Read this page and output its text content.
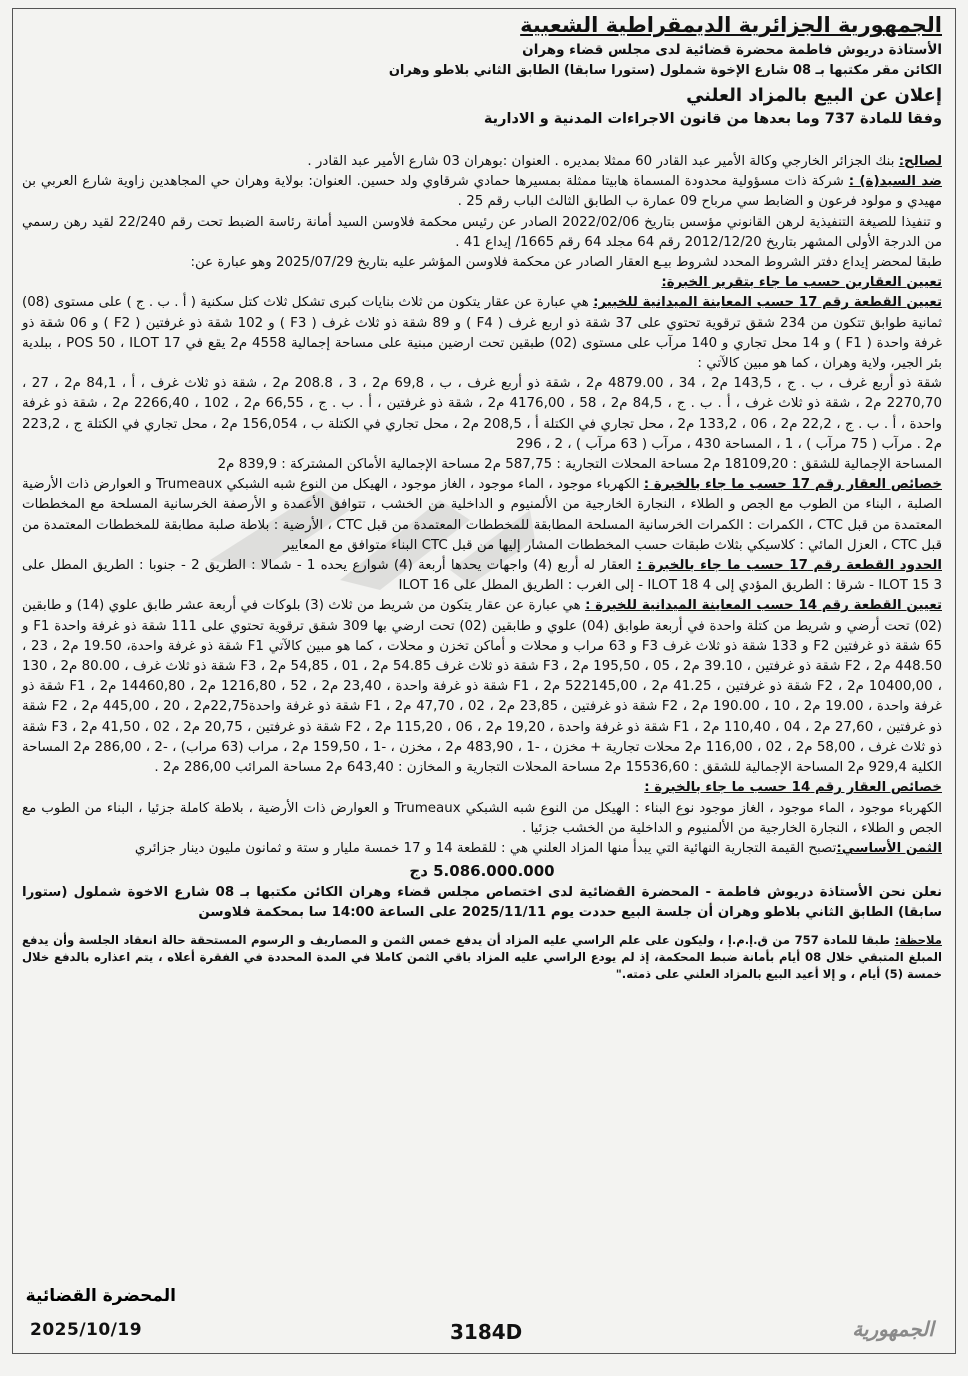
الجمهورية الجزائرية الديمقراطية الشعبية

الأستاذة دريوش فاطمة محضرة قضائية لدى مجلس قضاء وهران

الكائن مقر مكتبها بـ 08 شارع الإخوة شملول (ستورا سابقا) الطابق الثاني بلاطو وهران

إعلان عن البيع بالمزاد العلني

وفقا للمادة 737 وما بعدها من قانون الاجراءات المدنية و الادارية

لصالح: بنك الجزائر الخارجي وكالة الأمير عبد القادر 60 ممثلا بمديره . العنوان :بوهران 03 شارع الأمير عبد القادر .

ضد السيد(ة) : شركة ذات مسؤولية محدودة المسماة هابيتا ممثلة بمسيرها حمادي شرقاوي ولد حسين. العنوان: بولاية وهران حي المجاهدين زاوية شارع العربي بن مهيدي و مولود فرعون و الضابط سي مرباح 09 عمارة ب الطابق الثالث الباب رقم 25 .

و تنفيذا للصيغة التنفيذية لرهن القانوني مؤسس بتاريخ 2022/02/06 الصادر عن رئيس محكمة فلاوسن السيد أمانة رئاسة الضبط تحت رقم 22/240 لقيد رهن رسمي من الدرجة الأولى المشهر بتاريخ 2012/12/20 رقم 64 مجلد 64 رقم 1665/ إيداع 41 .

طبقا لمحضر إيداع دفتر الشروط المحدد لشروط بيـع العقار الصادر عن محكمة فلاوسن المؤشر عليه بتاريخ 2025/07/29 وهو عبارة عن:

تعيين العقارين حسب ما جاء بتقرير الخبرة:

تعيين القطعة رقم 17 حسب المعاينة الميدانية للخبير: هي عبارة عن عقار يتكون من ثلاث بنايات كبرى تشكل ثلاث كتل سكنية ( أ . ب . ج ) على مستوى (08) ثمانية طوابق تتكون من 234 شقق ترقوية تحتوي على 37 شقة ذو اربع غرف ( F4 ) و 89 شقة ذو ثلاث غرف ( F3 ) و 102 شقة ذو غرفتين ( F2 ) و 06 شقة ذو غرفة واحدة ( F1 ) و 14 محل تجاري و 140 مرآب على مستوى (02) طبقين تحت ارضين مبنية على مساحة إجمالية 4558 م2 يقع في POS 50 ، ILOT 17 ، ببلدية بئر الجير، ولاية وهران ، كما هو مبين كالآتي :

شقة ذو أربع غرف ، ب . ج ، 143,5 م2 ، 34 ، 4879.00 م2 ، شقة ذو أربع غرف ، ب ، 69,8 م2 ، 3 ، 208.8 م2 ، شقة ذو ثلاث غرف ، أ ، 84,1 م2 ، 27 ، 2270,70 م2 ، شقة ذو ثلاث غرف ، أ . ب . ج ، 84,5 م2 ، 58 ، 4176,00 م2 ، شقة ذو غرفتين ، أ . ب . ج ، 66,55 م2 ، 102 ، 2266,40 م2 ، شقة ذو غرفة واحدة ، أ . ب . ج ، 22,2 م2 ، 06 ، 133,2 م2 ، محل تجاري في الكتلة أ ، 208,5 م2 ، محل تجاري في الكتلة ب ، 156,054 م2 ، محل تجاري في الكتلة ج ، 223,2 م2 . مرآب ( 75 مرآب ) ، 1 ، المساحة 430 ، مرآب ( 63 مرآب ) ، 2 ، 296

المساحة الإجمالية للشقق : 18109,20 م2 مساحة المحلات التجارية : 587,75 م2 مساحة الإجمالية الأماكن المشتركة : 839,9 م2

خصائص العقار رقم 17 حسب ما جاء بالخبرة : الكهرباء موجود ، الماء موجود ، الغاز موجود ، الهيكل من النوع شبه الشبكي Trumeaux و العوارض ذات الأرضية الصلبة ، البناء من الطوب مع الجص و الطلاء ، النجارة الخارجية من الألمنيوم و الداخلية من الخشب ، تتوافق الأعمدة و الأرصفة الخرسانية المسلحة مع المخططات المعتمدة من قبل CTC ، الكمرات : الكمرات الخرسانية المسلحة المطابقة للمخططات المعتمدة من قبل CTC ، الأرضية : بلاطة صلبة مطابقة للمخططات المعتمدة من قبل CTC ، العزل المائي : كلاسيكي بثلاث طبقات حسب المخططات المشار إليها من قبل CTC البناء متوافق مع المعايير

الحدود القطعة رقم 17 حسب ما جاء بالخبرة : العقار له أربع (4) واجهات يحدها أربعة (4) شوارع يحده 1 - شمالا : الطريق 2 - جنوبا : الطريق المطل على ILOT 15 3 - شرقا : الطريق المؤدي إلى ILOT 18 4 - إلى الغرب : الطريق المطل على ILOT 16

تعيين القطعة رقم 14 حسب المعاينة الميدانية للخبرة : هي عبارة عن عقار يتكون من شريط من ثلاث (3) بلوكات في أربعة عشر طابق علوي (14) و طابقين (02) تحت أرضي و شريط من كتلة واحدة في أربعة طوابق (04) علوي و طابقين (02) تحت ارضي بها 309 شقق ترقوية تحتوي على 111 شقة ذو غرفة واحدة F1 و 65 شقة ذو غرفتين F2 و 133 شقة ذو ثلاث غرف F3 و 63 مراب و محلات و أماكن تخزن و محلات ، كما هو مبين كالآتي F1 شقة ذو غرفة واحدة، 19.50 م2 ، 23 ، 448.50 م2 ، F2 شقة ذو غرفتين ، 39.10 م2 ، 05 ، 195,50 م2 ، F3 شقة ذو ثلاث غرف 54.85 م2 ، 01 ، 54,85 م2 ، F3 شقة ذو ثلاث غرف ، 80.00 م2 ، 130 ، 10400,00 م2 ، F2 شقة ذو غرفتين ، 41.25 م2 ، 522145,00 م2 ، F1 شقة ذو غرفة واحدة ، 23,40 م2 ، 52 ، 1216,80 م2 ، 14460,80 م2 ، F1 شقة ذو غرفة واحدة ، 19.00 م2 ، 10 ، 190.00 م2 ، F2 شقة ذو غرفتين ، 23,85 م2 ، 02 ، 47,70 م2 ، F1 شقة ذو غرفة واحدة22,75م2 ، 20 ، 445,00 م2 ، F2 شقة ذو غرفتين ، 27,60 م2 ، 04 ، 110,40 م2 ، F1 شقة ذو غرفة واحدة ، 19,20 م2 ، 06 ، 115,20 م2 ، F2 شقة ذو غرفتين ، 20,75 م2 ، 02 ، 41,50 م2 ، F3 شقة ذو ثلاث غرف ، 58,00 م2 ، 02 ، 116,00 م2 محلات تجارية + مخزن ، -1 ، 483,90 م2 ، مخزن ، -1 ، 159,50 م2 ، مراب (63 مراب) ، -2 ، 286,00 م2 المساحة الكلية 929,4 م2 المساحة الإجمالية للشقق : 15536,60 م2 مساحة المحلات التجارية و المخازن : 643,40 م2 مساحة المرائب 286,00 م2 .

خصائص العقار رقم 14 حسب ما جاء بالخبرة :

الكهرباء موجود ، الماء موجود ، الغاز موجود نوع البناء : الهيكل من النوع شبه الشبكي Trumeaux و العوارض ذات الأرضية ، بلاطة كاملة جزئيا ، البناء من الطوب مع الجص و الطلاء ، النجارة الخارجية من الألمنيوم و الداخلية من الخشب جزئيا .

الثمن الأساسي:تصبح القيمة التجارية النهائية التي يبدأ منها المزاد العلني هي : للقطعة 14 و 17 خمسة مليار و ستة و ثمانون مليون دينار جزائري

5.086.000.000 دج

نعلن نحن الأستاذة دريوش فاطمة - المحضرة القضائية لدى اختصاص مجلس قضاء وهران الكائن مكتبها بـ 08 شارع الاخوة شملول (ستورا سابقا) الطابق الثاني بلاطو وهران أن جلسة البيع حددت يوم 2025/11/11 على الساعة 14:00 سا بمحكمة فلاوسن

ملاحظة: طبقا للمادة 757 من ق.إ.م.إ ، وليكون على علم الراسي عليه المزاد أن يدفع خمس الثمن و المصاريف و الرسوم المستحقة حالة انعقاد الجلسة وأن يدفع المبلغ المتبقي خلال 08 أيام بأمانة ضبط المحكمة، إذ لم يودع الراسي عليه المزاد باقي الثمن كاملا في المدة المحددة في الفقرة أعلاه ، يتم اعذاره بالدفع خلال خمسة (5) أيام ، و إلا أعيد البيع بالمزاد العلني على ذمته."

المحضرة القضائية
2025/10/19	3184D	الجمهورية
